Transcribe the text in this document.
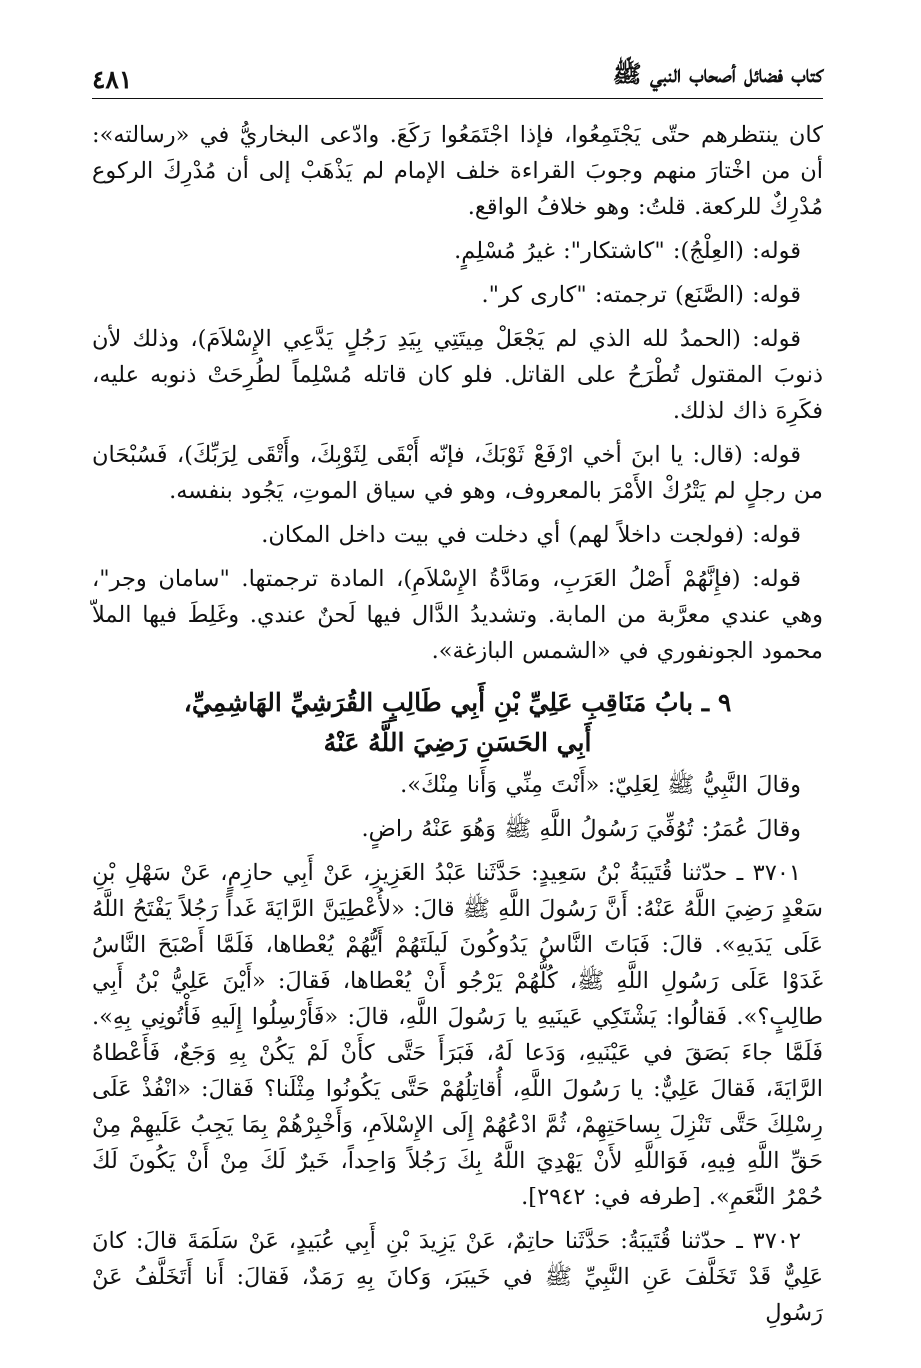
كتاب فضائل أصحاب النبي ﷺ
٤٨١

كان ينتظرهم حتّى يَجْتَمِعُوا، فإذا اجْتَمَعُوا رَكَعَ. وادّعى البخاريُّ في «رسالته»: أن من اخْتارَ منهم وجوبَ القراءة خلف الإمام لم يَذْهَبْ إلى أن مُدْرِكَ الركوع مُدْرِكٌ للركعة. قلتُ: وهو خلافُ الواقع.

قوله: (العِلْجُ): "كاشتكار": غيرُ مُسْلِمٍ.

قوله: (الصَّنَع) ترجمته: "كارى كر".

قوله: (الحمدُ لله الذي لم يَجْعَلْ مِيتَتِي بِيَدِ رَجُلٍ يَدَّعِي الإِسْلاَمَ)، وذلك لأن ذنوبَ المقتول تُطْرَحُ على القاتل. فلو كان قاتله مُسْلِماً لطُرِحَتْ ذنوبه عليه، فكَرِهَ ذاك لذلك.

قوله: (قال: يا ابنَ أخي ارْفَعْ ثَوْبَكَ، فإنّه أَبْقَى لِثَوْبِكَ، وأَتْقَى لِرَبِّكَ)، فَسُبْحَان من رجلٍ لم يَتْرُكْ الأَمْرَ بالمعروف، وهو في سياق الموتِ، يَجُود بنفسه.

قوله: (فولجت داخلاً لهم) أي دخلت في بيت داخل المكان.

قوله: (فإِنَّهُمْ أَصْلُ العَرَبِ، ومَادَّةُ الإِسْلاَمِ)، المادة ترجمتها. "سامان وجر"، وهي عندي معرَّبة من المابة. وتشديدُ الدَّال فيها لَحنٌ عندي. وغَلِطَ فيها الملاّ محمود الجونفوري في «الشمس البازغة».

٩ ـ بابُ مَنَاقِبِ عَلِيِّ بْنِ أَبِي طَالِبٍ القُرَشِيِّ الهَاشِمِيِّ،
أَبِي الحَسَنِ رَضِيَ اللَّهُ عَنْهُ

وقالَ النَّبِيُّ ﷺ لِعَلِيّ: «أَنْتَ مِنِّي وَأَنا مِنْكَ».

وقالَ عُمَرُ: تُوُفِّيَ رَسُولُ اللَّهِ ﷺ وَهُوَ عَنْهُ راضٍ.

٣٧٠١ ـ حدّثنا قُتَيبَةُ بْنُ سَعِيدٍ: حَدَّثَنا عَبْدُ العَزِيزِ، عَنْ أَبِي حازِمٍ، عَنْ سَهْلِ بْنِ سَعْدٍ رَضِيَ اللَّهُ عَنْهُ: أَنَّ رَسُولَ اللَّهِ ﷺ قالَ: «لأُعْطِيَنَّ الرَّايَةَ غَداً رَجُلاً يَفْتَحُ اللَّهُ عَلَى يَدَيهِ». قالَ: فَبَاتَ النَّاسُ يَدُوكُونَ لَيلَتَهُمْ أَيُّهُمْ يُعْطاها، فَلَمَّا أَصْبَحَ النَّاسُ غَدَوْا عَلَى رَسُولِ اللَّهِ ﷺ، كُلُّهُمْ يَرْجُو أَنْ يُعْطاها، فَقالَ: «أَيْنَ عَلِيُّ بْنُ أَبِي طالِبٍ؟». فَقالُوا: يَشْتَكِي عَينَيهِ يا رَسُولَ اللَّهِ، قالَ: «فَأَرْسِلُوا إِلَيهِ فَأْتُونِي بِهِ». فَلَمَّا جاءَ بَصَقَ في عَيْنَيهِ، وَدَعا لَهُ، فَبَرَأَ حَتَّى كأَنْ لَمْ يَكُنْ بِهِ وَجَعٌ، فَأَعْطاهُ الرَّايَةَ، فَقالَ عَلِيٌّ: يا رَسُولَ اللَّهِ، أُقاتِلُهُمْ حَتَّى يَكُونُوا مِثْلَنا؟ فَقالَ: «انْفُذْ عَلَى رِسْلِكَ حَتَّى تَنْزِلَ بِساحَتِهِمْ، ثُمَّ ادْعُهُمْ إِلَى الإِسْلاَمِ، وَأَخْبِرْهُمْ بِمَا يَجِبُ عَلَيهِمْ مِنْ حَقِّ اللَّهِ فِيهِ، فَوَاللَّهِ لأَنْ يَهْدِيَ اللَّهُ بِكَ رَجُلاً وَاحِداً، خَيرٌ لَكَ مِنْ أَنْ يَكُونَ لَكَ حُمْرُ النَّعَمِ». [طرفه في: ٢٩٤٢].

٣٧٠٢ ـ حدّثنا قُتَيبَةُ: حَدَّثَنا حاتِمٌ، عَنْ يَزِيدَ بْنِ أَبِي عُبَيدٍ، عَنْ سَلَمَةَ قالَ: كانَ عَلِيٌّ قَدْ تَخَلَّفَ عَنِ النَّبِيِّ ﷺ في خَيبَرَ، وَكانَ بِهِ رَمَدٌ، فَقالَ: أَنا أَتَخَلَّفُ عَنْ رَسُولِ
